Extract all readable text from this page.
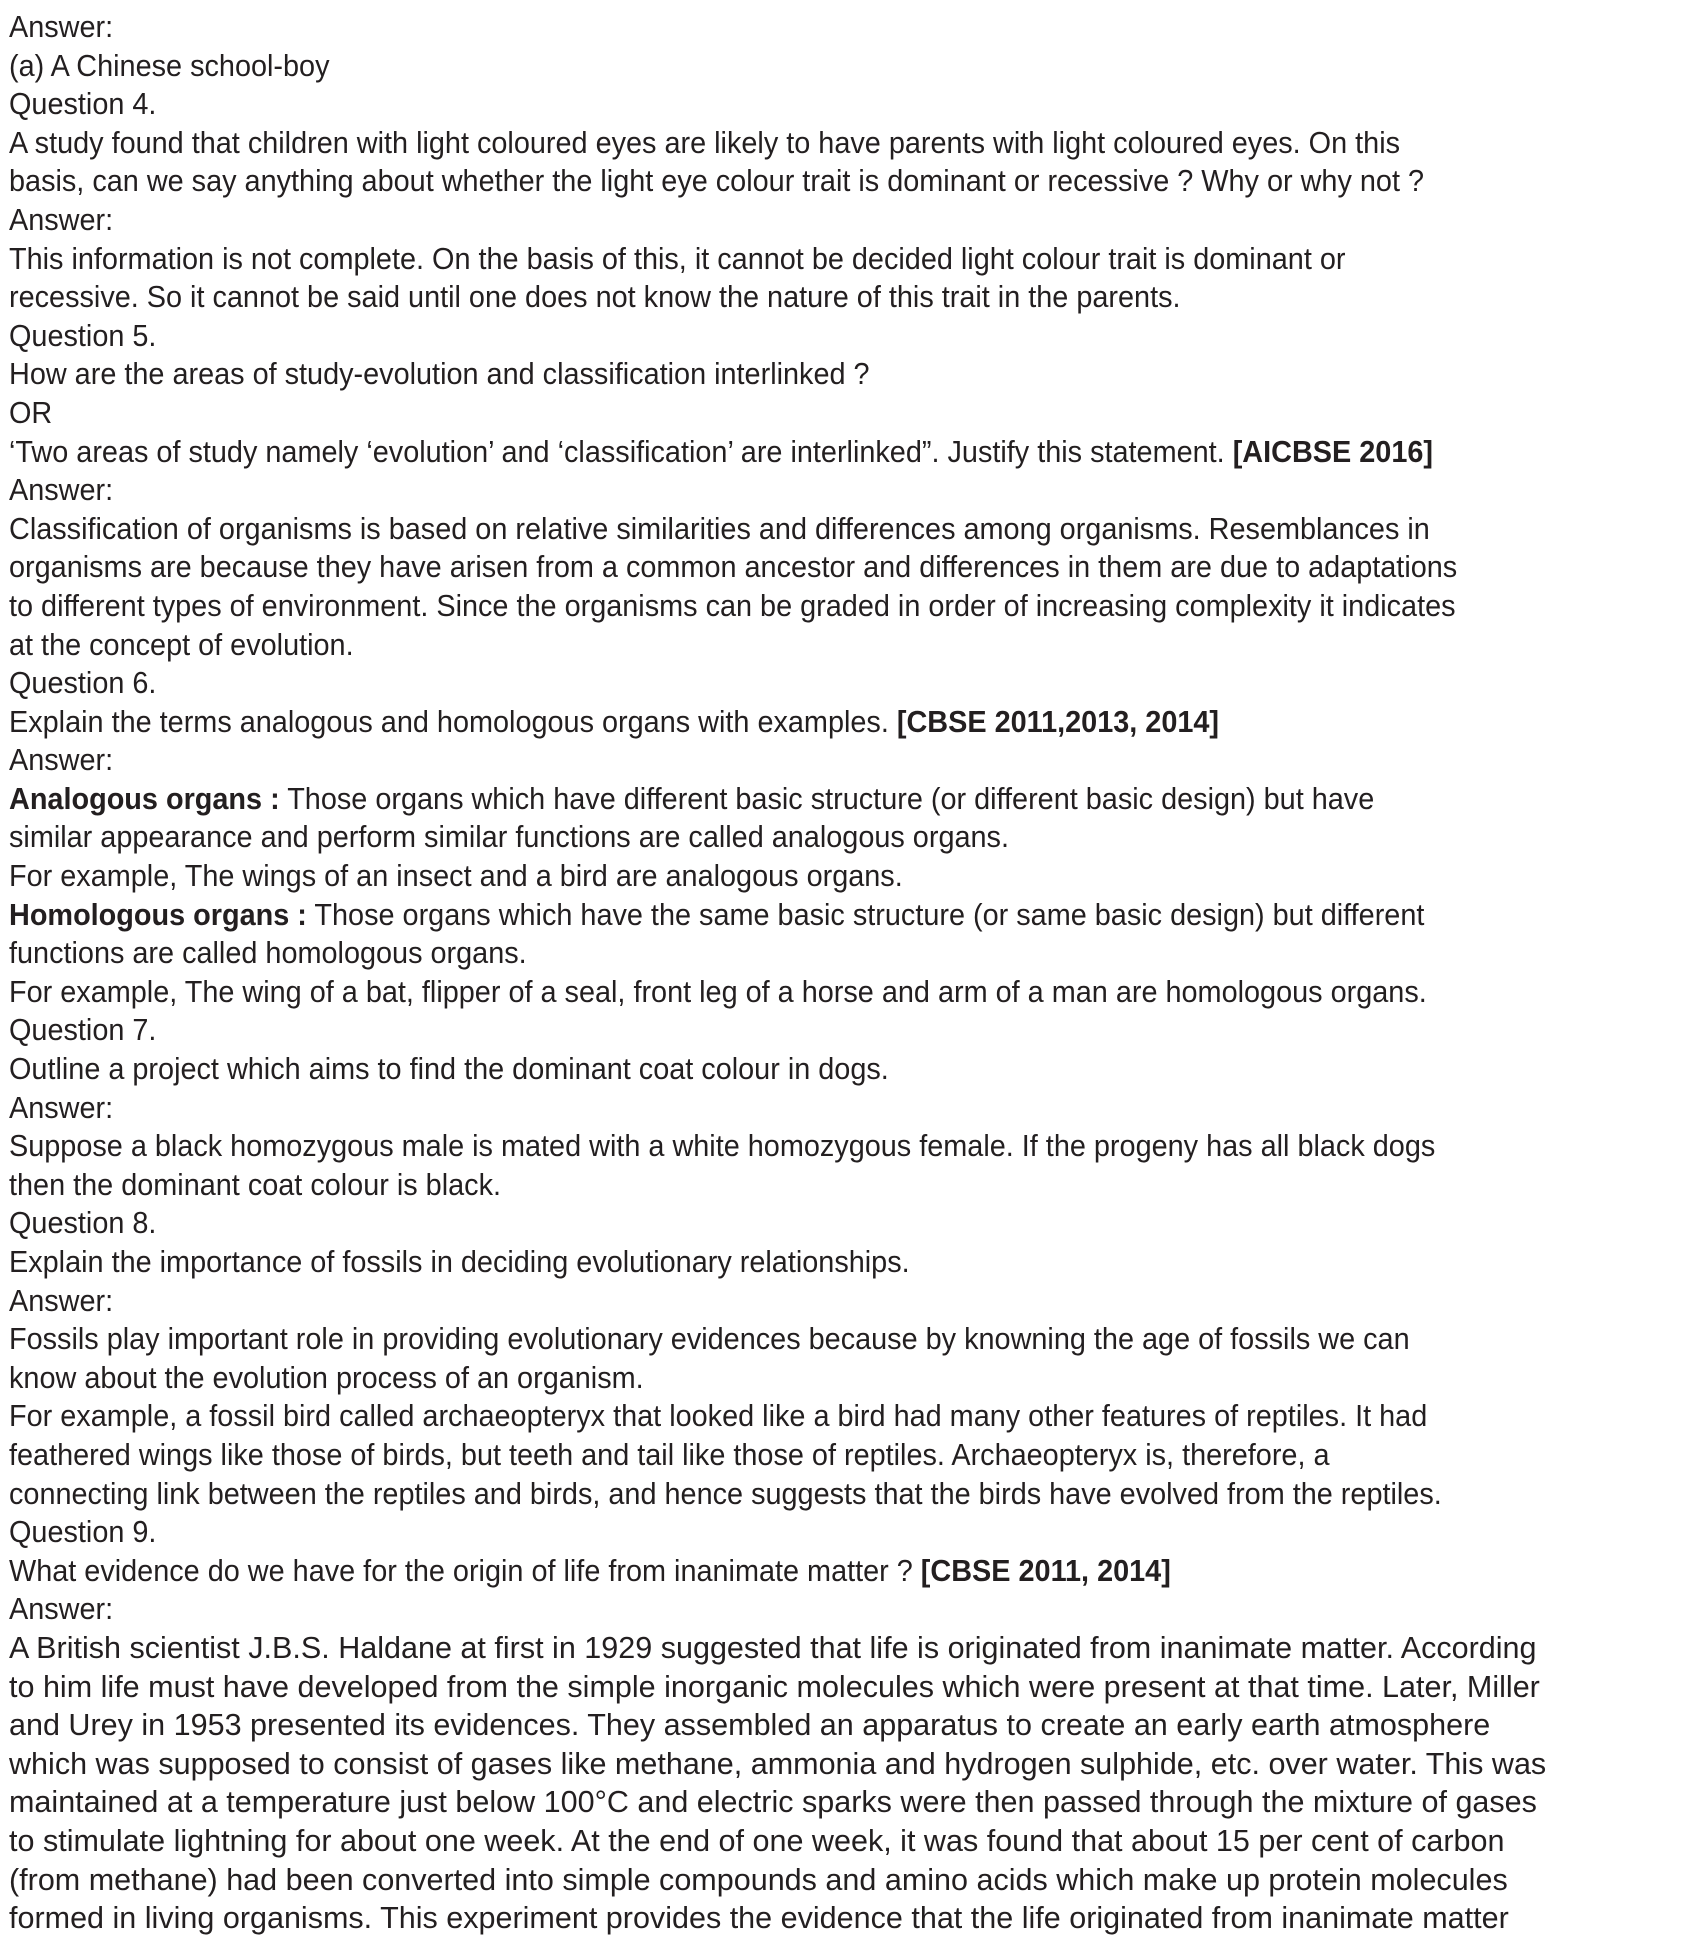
Answer:
(a) A Chinese school-boy
Question 4.
A study found that children with light coloured eyes are likely to have parents with light coloured eyes. On this
basis, can we say anything about whether the light eye colour trait is dominant or recessive ? Why or why not ?
Answer:
This information is not complete. On the basis of this, it cannot be decided light colour trait is dominant or
recessive. So it cannot be said until one does not know the nature of this trait in the parents.
Question 5.
How are the areas of study-evolution and classification interlinked ?
OR
‘Two areas of study namely ‘evolution’ and ‘classification’ are interlinked”. Justify this statement. [AICBSE 2016]
Answer:
Classification of organisms is based on relative similarities and differences among organisms. Resemblances in
organisms are because they have arisen from a common ancestor and differences in them are due to adaptations
to different types of environment. Since the organisms can be graded in order of increasing complexity it indicates
at the concept of evolution.
Question 6.
Explain the terms analogous and homologous organs with examples. [CBSE 2011,2013, 2014]
Answer:
Analogous organs : Those organs which have different basic structure (or different basic design) but have
similar appearance and perform similar functions are called analogous organs.
For example, The wings of an insect and a bird are analogous organs.
Homologous organs : Those organs which have the same basic structure (or same basic design) but different
functions are called homologous organs.
For example, The wing of a bat, flipper of a seal, front leg of a horse and arm of a man are homologous organs.
Question 7.
Outline a project which aims to find the dominant coat colour in dogs.
Answer:
Suppose a black homozygous male is mated with a white homozygous female. If the progeny has all black dogs
then the dominant coat colour is black.
Question 8.
Explain the importance of fossils in deciding evolutionary relationships.
Answer:
Fossils play important role in providing evolutionary evidences because by knowning the age of fossils we can
know about the evolution process of an organism.
For example, a fossil bird called archaeopteryx that looked like a bird had many other features of reptiles. It had
feathered wings like those of birds, but teeth and tail like those of reptiles. Archaeopteryx is, therefore, a
connecting link between the reptiles and birds, and hence suggests that the birds have evolved from the reptiles.
Question 9.
What evidence do we have for the origin of life from inanimate matter ? [CBSE 2011, 2014]
Answer:
A British scientist J.B.S. Haldane at first in 1929 suggested that life is originated from inanimate matter. According
to him life must have developed from the simple inorganic molecules which were present at that time. Later, Miller
and Urey in 1953 presented its evidences. They assembled an apparatus to create an early earth atmosphere
which was supposed to consist of gases like methane, ammonia and hydrogen sulphide, etc. over water. This was
maintained at a temperature just below 100°C and electric sparks were then passed through the mixture of gases
to stimulate lightning for about one week. At the end of one week, it was found that about 15 per cent of carbon
(from methane) had been converted into simple compounds and amino acids which make up protein molecules
formed in living organisms. This experiment provides the evidence that the life originated from inanimate matter
